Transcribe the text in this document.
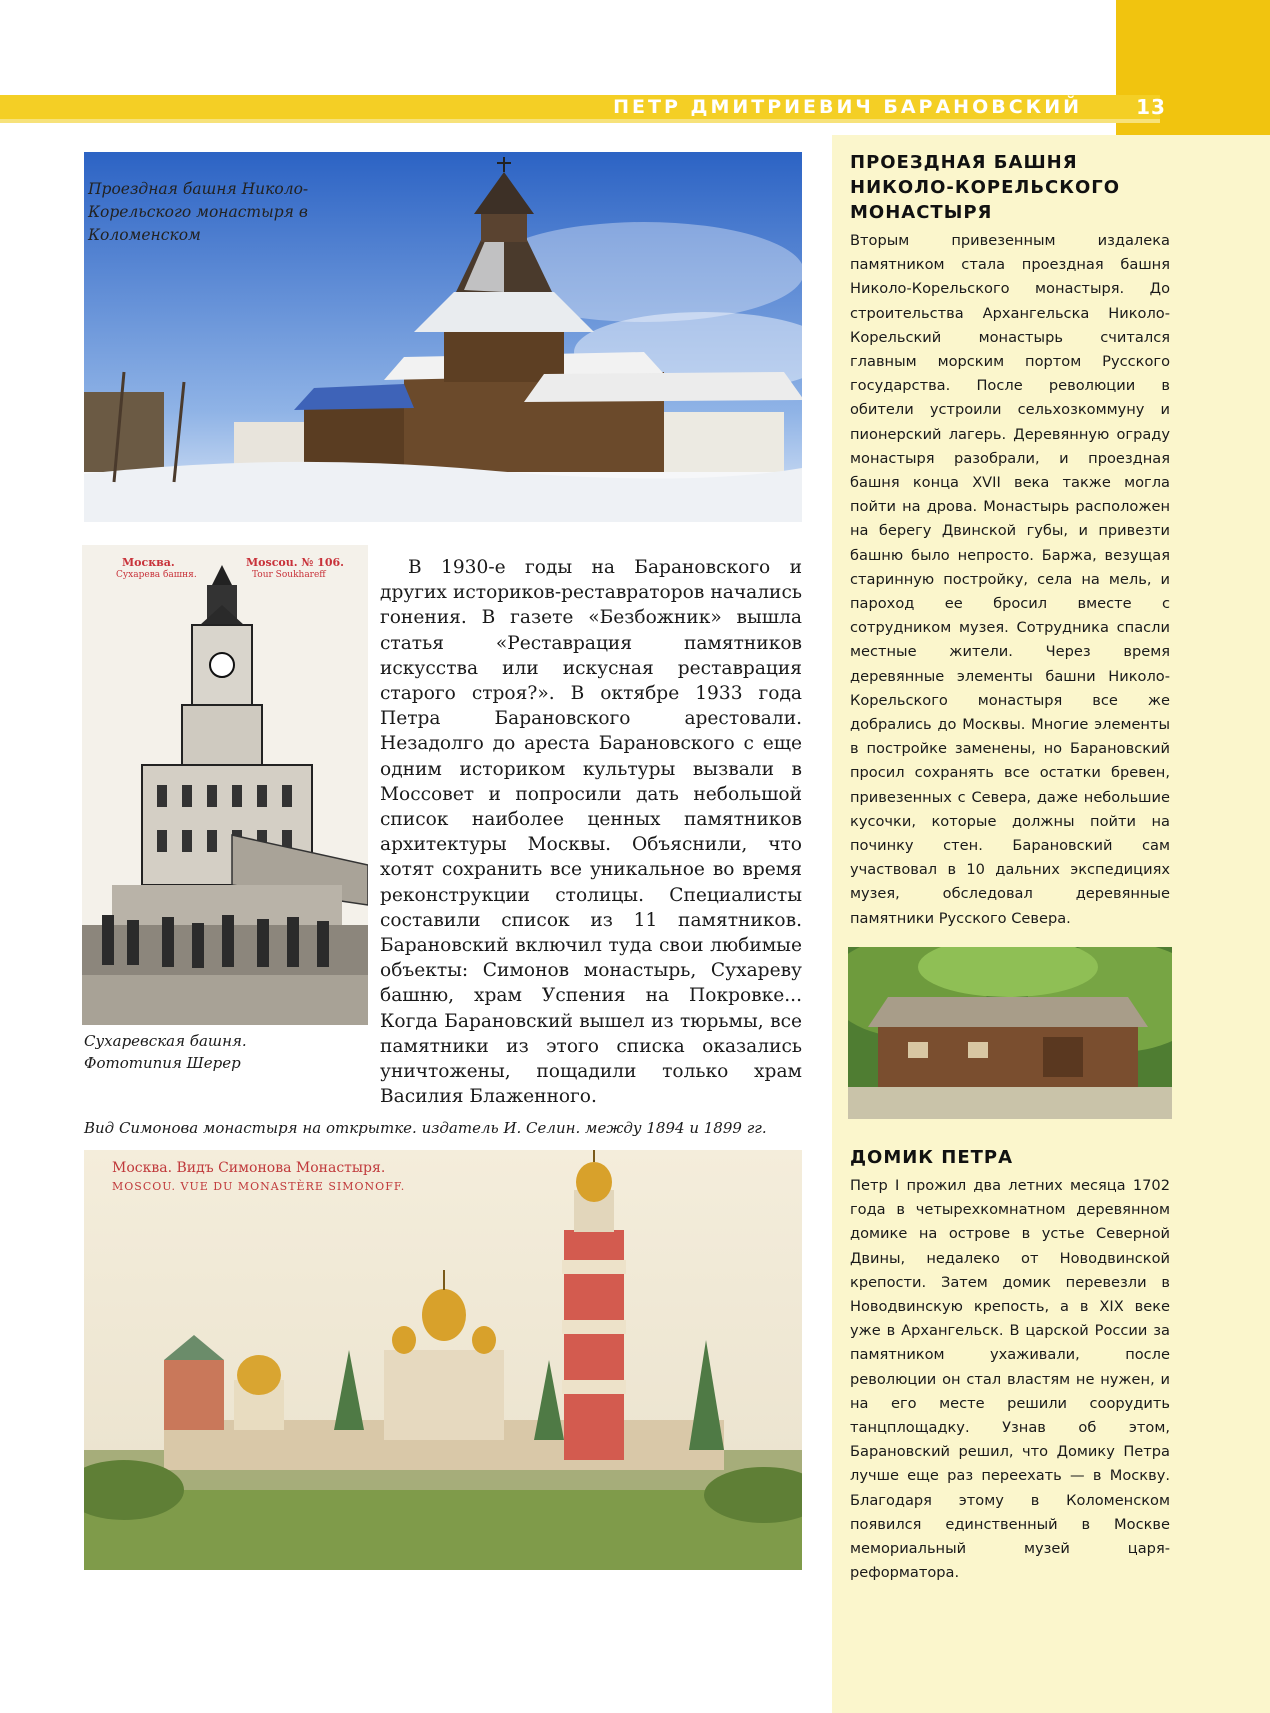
ПЕТР ДМИТРИЕВИЧ БАРАНОВСКИЙ	13
Проездная башня Николо-Корельского монастыря в Коломенском
Москва.
Сухарева башня.
Moscou. № 106.
Tour Soukhareff
Сухаревская башня.
Фототипия Шерер

В 1930-е годы на Барановского и других историков-реставраторов начались гонения. В газете «Безбожник» вышла статья «Реставрация памятников искусства или искусная реставрация старого строя?». В октябре 1933 года Петра Барановского арестовали. Незадолго до ареста Барановского с еще одним историком культуры вызвали в Моссовет и попросили дать небольшой список наиболее ценных памятников архитектуры Москвы. Объяснили, что хотят сохранить все уникальное во время реконструкции столицы. Специалисты составили список из 11 памятников. Барановский включил туда свои любимые объекты: Симонов монастырь, Сухареву башню, храм Успения на Покровке... Когда Барановский вышел из тюрьмы, все памятники из этого списка оказались уничтожены, пощадили только храм Василия Блаженного.

Вид Симонова монастыря на открытке. издатель И. Селин. между 1894 и 1899 гг.
Москва. Видъ Симонова Монастыря.
MOSCOU. VUE DU MONASTÈRE SIMONOFF.
ПРОЕЗДНАЯ БАШНЯ НИКОЛО-КОРЕЛЬСКОГО МОНАСТЫРЯ

Вторым привезенным издалека памятником стала проездная башня Николо-Корельского монастыря. До строительства Архангельска Николо-Корельский монастырь считался главным морским портом Русского государства. После революции в обители устроили сельхозкоммуну и пионерский лагерь. Деревянную ограду монастыря разобрали, и проездная башня конца XVII века также могла пойти на дрова. Монастырь расположен на берегу Двинской губы, и привезти башню было непросто. Баржа, везущая старинную постройку, села на мель, и пароход ее бросил вместе с сотрудником музея. Сотрудника спасли местные жители. Через время деревянные элементы башни Николо-Корельского монастыря все же добрались до Москвы. Многие элементы в постройке заменены, но Барановский просил сохранять все остатки бревен, привезенных с Севера, даже небольшие кусочки, которые должны пойти на починку стен. Барановский сам участвовал в 10 дальних экспедициях музея, обследовал деревянные памятники Русского Севера.

ДОМИК ПЕТРА

Петр I прожил два летних месяца 1702 года в четырехкомнатном деревянном домике на острове в устье Северной Двины, недалеко от Новодвинской крепости. Затем домик перевезли в Новодвинскую крепость, а в XIX веке уже в Архангельск. В царской России за памятником ухаживали, после революции он стал властям не нужен, и на его месте решили соорудить танцплощадку. Узнав об этом, Барановский решил, что Домику Петра лучше еще раз переехать — в Москву. Благодаря этому в Коломенском появился единственный в Москве мемориальный музей царя-реформатора.
